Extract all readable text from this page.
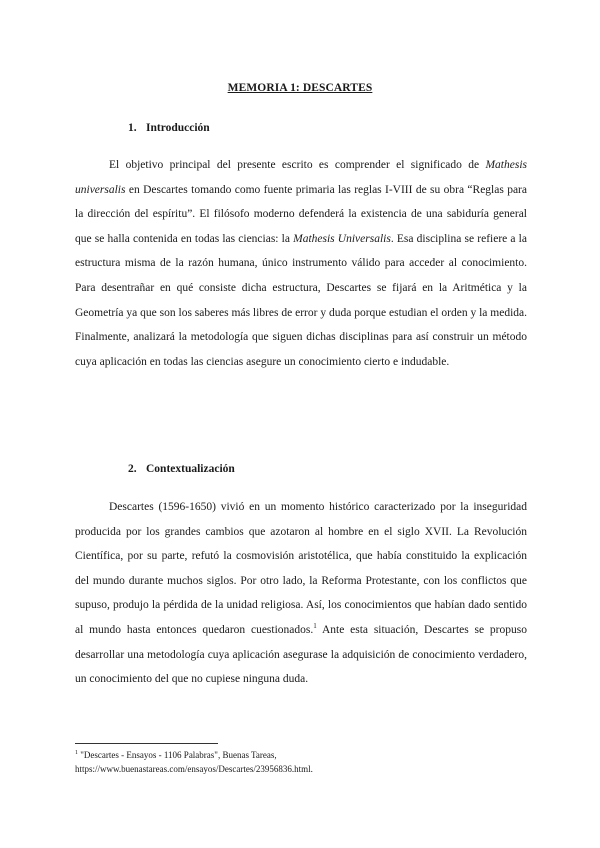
MEMORIA 1: DESCARTES
1. Introducción

El objetivo principal del presente escrito es comprender el significado de Mathesis universalis en Descartes tomando como fuente primaria las reglas I-VIII de su obra “Reglas para la dirección del espíritu”. El filósofo moderno defenderá la existencia de una sabiduría general que se halla contenida en todas las ciencias: la Mathesis Universalis. Esa disciplina se refiere a la estructura misma de la razón humana, único instrumento válido para acceder al conocimiento. Para desentrañar en qué consiste dicha estructura, Descartes se fijará en la Aritmética y la Geometría ya que son los saberes más libres de error y duda porque estudian el orden y la medida. Finalmente, analizará la metodología que siguen dichas disciplinas para así construir un método cuya aplicación en todas las ciencias asegure un conocimiento cierto e indudable.

2. Contextualización

Descartes (1596-1650) vivió en un momento histórico caracterizado por la inseguridad producida por los grandes cambios que azotaron al hombre en el siglo XVII. La Revolución Científica, por su parte, refutó la cosmovisión aristotélica, que había constituido la explicación del mundo durante muchos siglos. Por otro lado, la Reforma Protestante, con los conflictos que supuso, produjo la pérdida de la unidad religiosa. Así, los conocimientos que habían dado sentido al mundo hasta entonces quedaron cuestionados.$^1$ Ante esta situación, Descartes se propuso desarrollar una metodología cuya aplicación asegurase la adquisición de conocimiento verdadero, un conocimiento del que no cupiese ninguna duda.

$^1$ "Descartes - Ensayos - 1106 Palabras", Buenas Tareas,
https://www.buenastareas.com/ensayos/Descartes/23956836.html.
